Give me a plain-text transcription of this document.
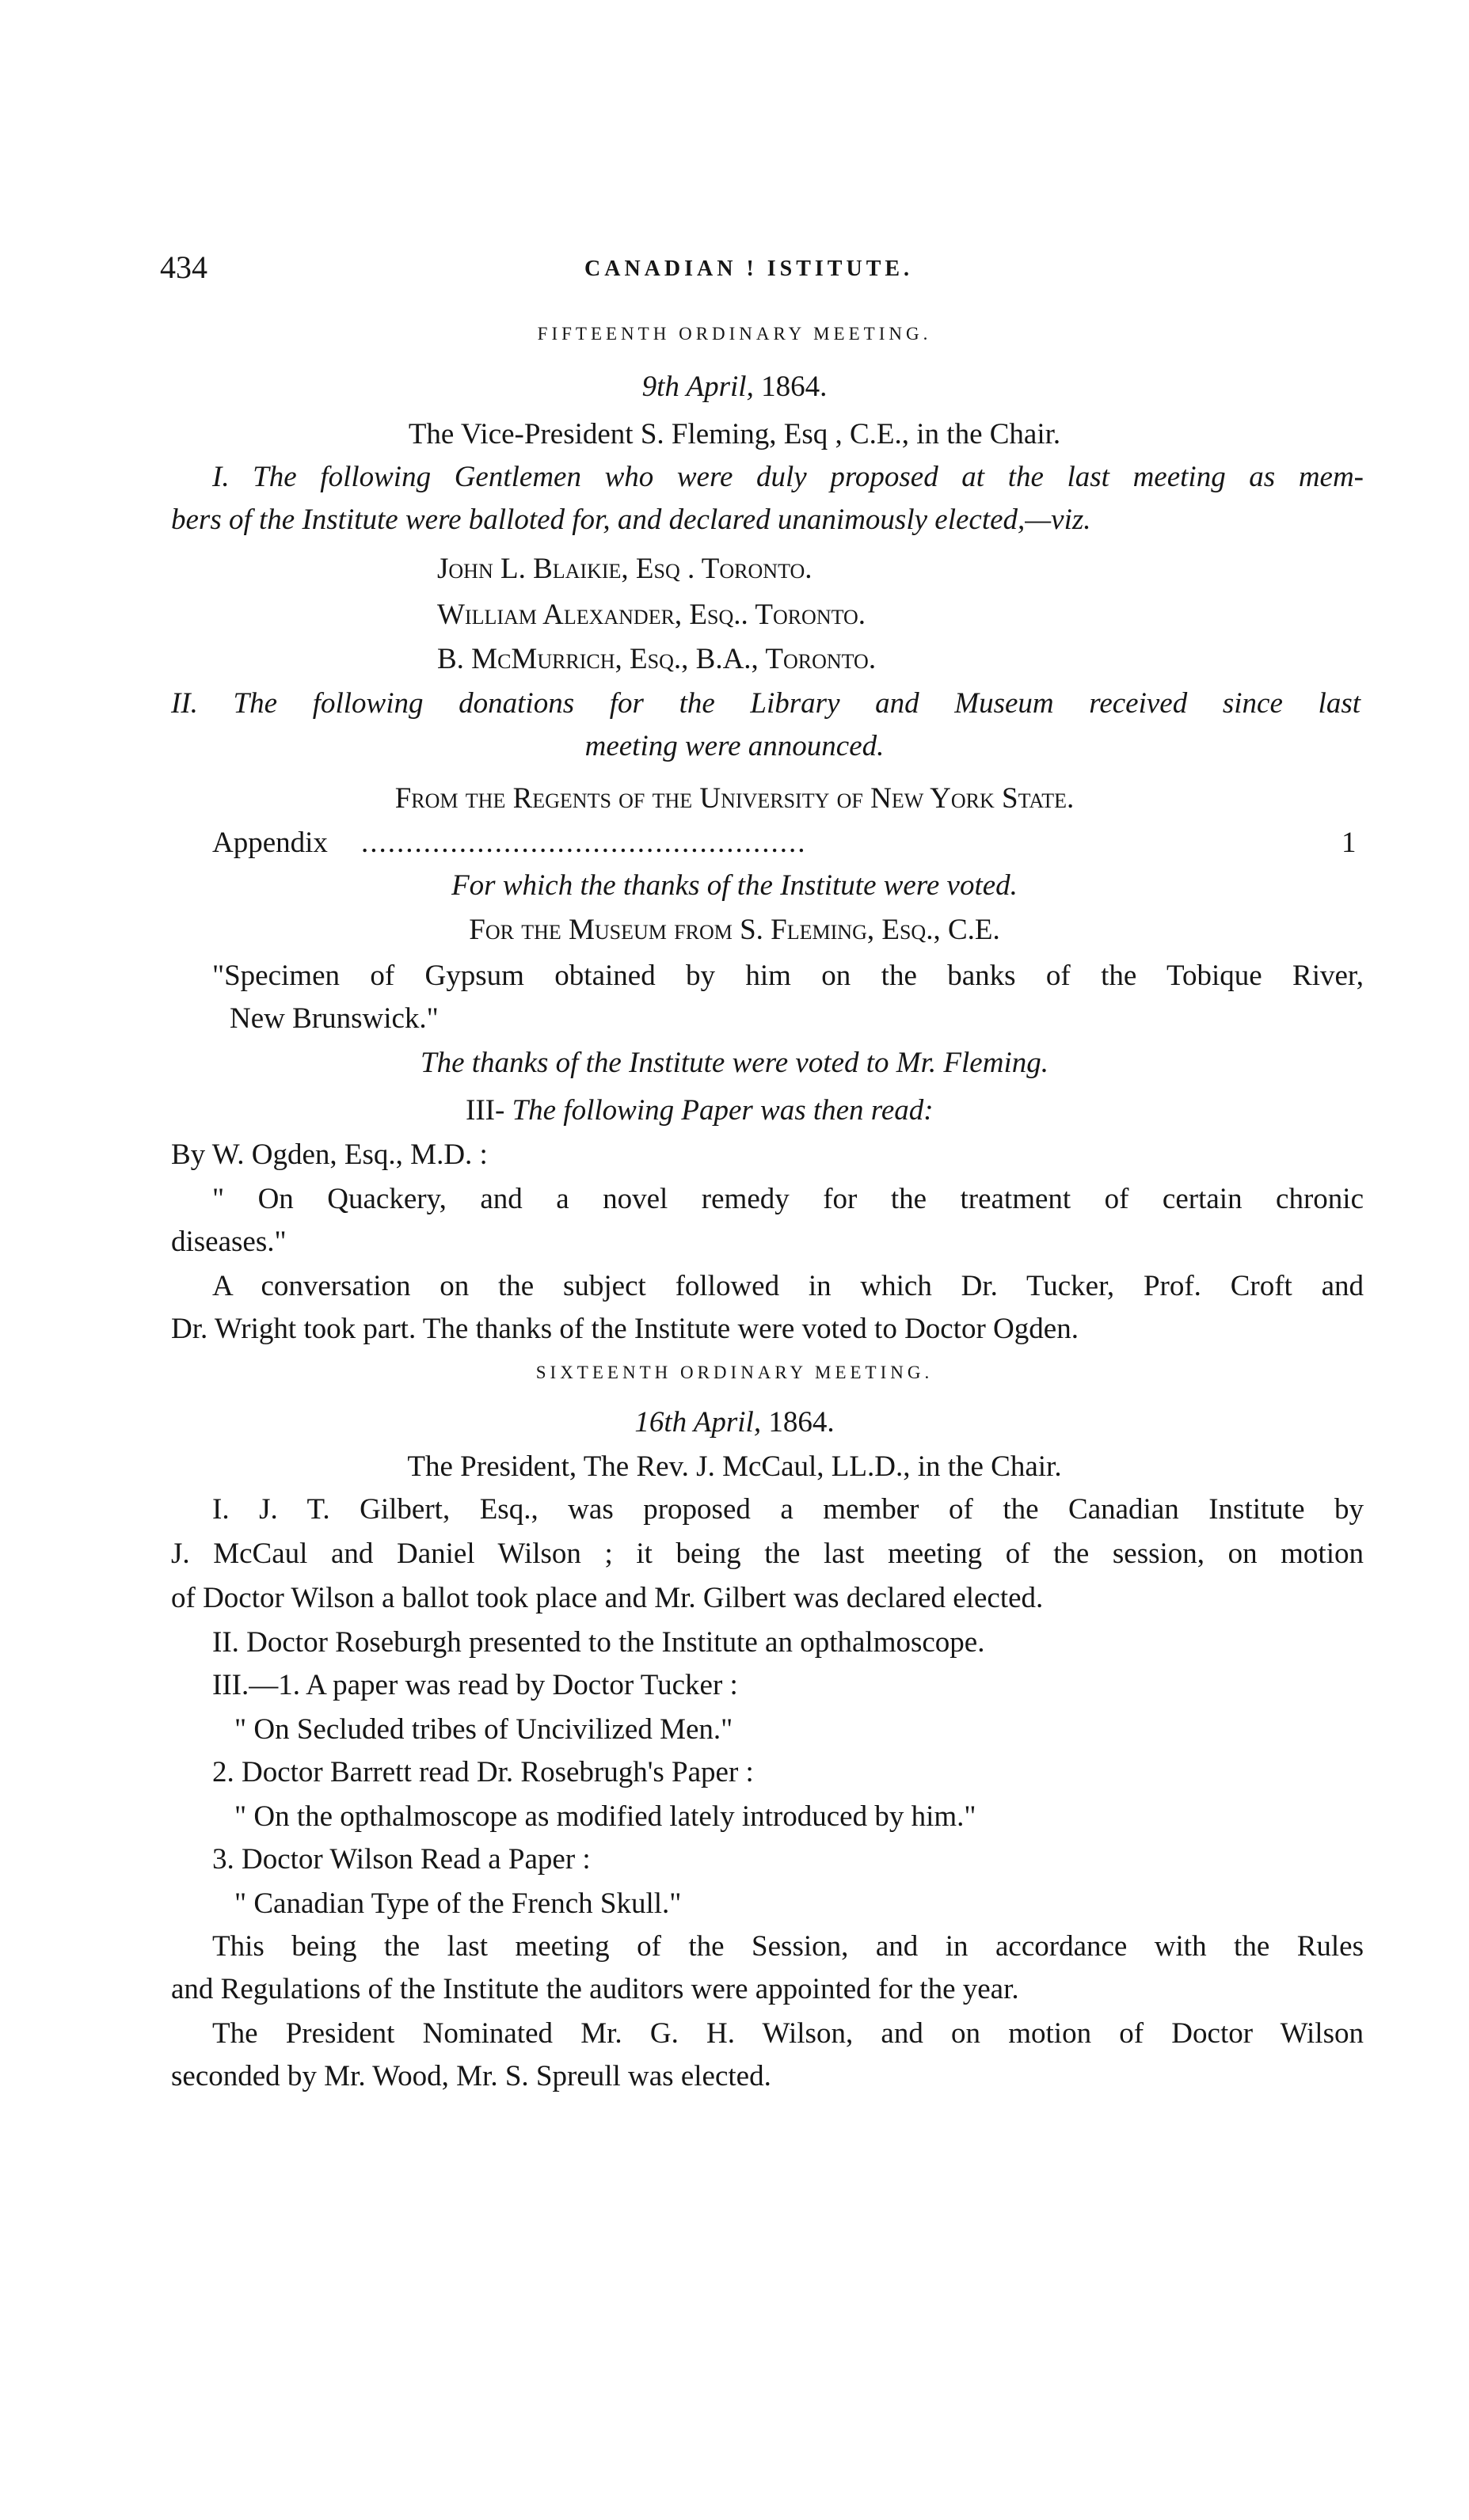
434	CANADIAN ! ISTITUTE.
FIFTEENTH ORDINARY MEETING.
9th April, 1864.
The Vice-President S. Fleming, Esq , C.E., in the Chair.
I. The following Gentlemen who were duly proposed at the last meeting as mem-
bers of the Institute were balloted for, and declared unanimously elected,—viz.
John L. Blaikie, Esq . Toronto.
William Alexander, Esq.. Toronto.
B. McMurrich, Esq., B.A., Toronto.
II. The following donations for the Library and Museum received since last
meeting were announced.
From the Regents of the University of New York State.
Appendix ..................................................	1
For which the thanks of the Institute were voted.
For the Museum from S. Fleming, Esq., C.E.
"Specimen of Gypsum obtained by him on the banks of the Tobique River,
New Brunswick."
The thanks of the Institute were voted to Mr. Fleming.
III- The following Paper was then read:
By W. Ogden, Esq., M.D. :
" On Quackery, and a novel remedy for the treatment of certain chronic
diseases."
A conversation on the subject followed in which Dr. Tucker, Prof. Croft and
Dr. Wright took part. The thanks of the Institute were voted to Doctor Ogden.
SIXTEENTH ORDINARY MEETING.
16th April, 1864.
The President, The Rev. J. McCaul, LL.D., in the Chair.
I. J. T. Gilbert, Esq., was proposed a member of the Canadian Institute by
J. McCaul and Daniel Wilson ; it being the last meeting of the session, on motion
of Doctor Wilson a ballot took place and Mr. Gilbert was declared elected.
II. Doctor Roseburgh presented to the Institute an opthalmoscope.
III.—1. A paper was read by Doctor Tucker :
" On Secluded tribes of Uncivilized Men."
2. Doctor Barrett read Dr. Rosebrugh's Paper :
" On the opthalmoscope as modified lately introduced by him."
3. Doctor Wilson Read a Paper :
" Canadian Type of the French Skull."
This being the last meeting of the Session, and in accordance with the Rules
and Regulations of the Institute the auditors were appointed for the year.
The President Nominated Mr. G. H. Wilson, and on motion of Doctor Wilson
seconded by Mr. Wood, Mr. S. Spreull was elected.
